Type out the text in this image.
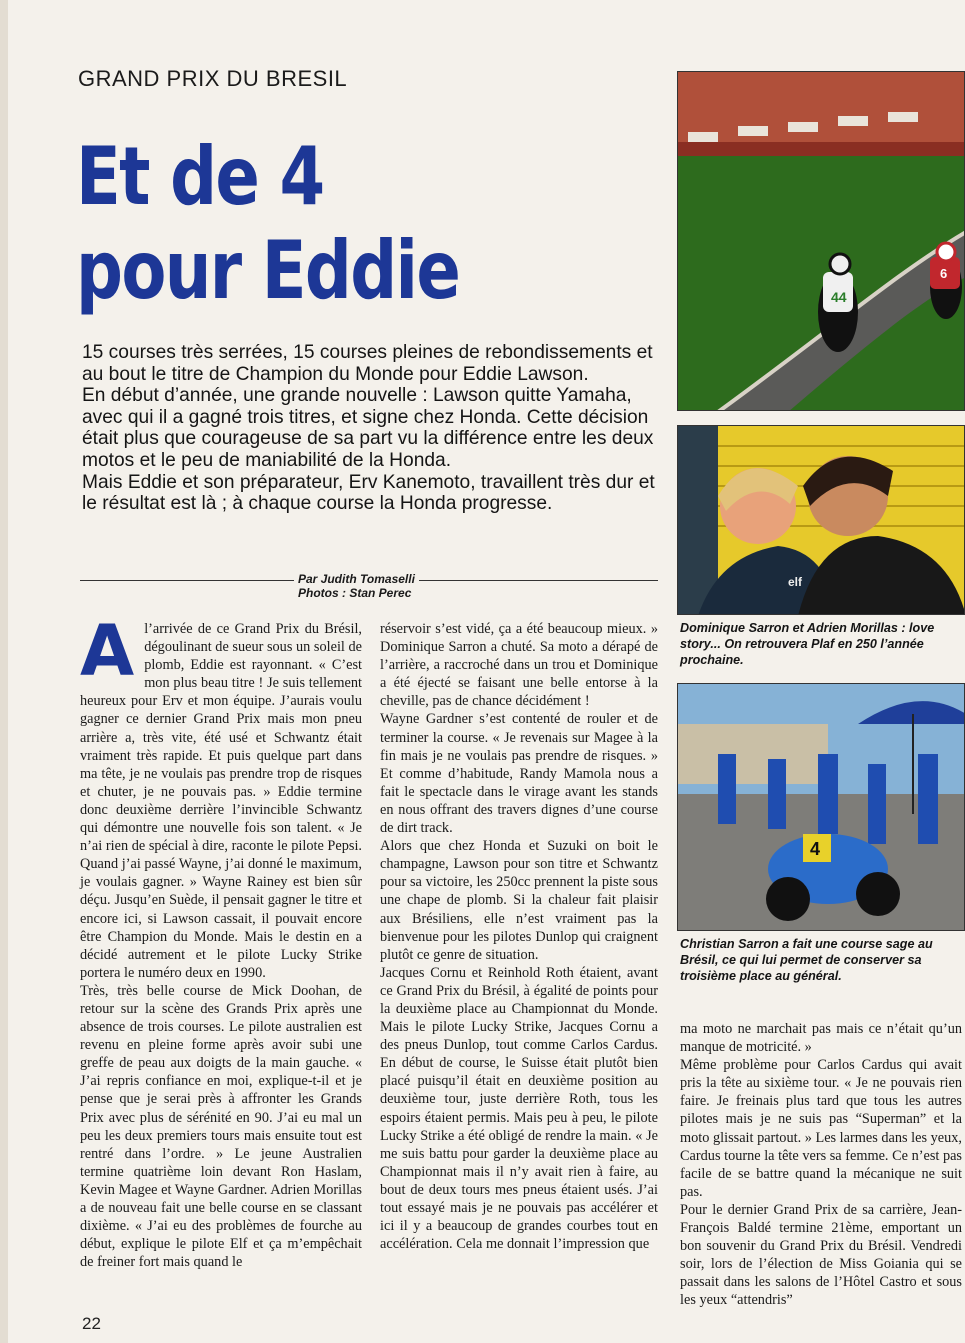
GRAND PRIX DU BRESIL
Et de 4
pour Eddie

15 courses très serrées, 15 courses pleines de rebondissements et au bout le titre de Champion du Monde pour Eddie Lawson.

En début d’année, une grande nouvelle : Lawson quitte Yamaha, avec qui il a gagné trois titres, et signe chez Honda. Cette décision était plus que courageuse de sa part vu la différence entre les deux motos et le peu de maniabilité de la Honda.

Mais Eddie et son préparateur, Erv Kanemoto, travaillent très dur et le résultat est là ; à chaque course la Honda progresse.

Par Judith Tomaselli
Photos : Stan Perec

Al’arrivée de ce Grand Prix du Brésil, dégoulinant de sueur sous un soleil de plomb, Eddie est rayonnant. « C’est mon plus beau titre ! Je suis tellement heureux pour Erv et mon équipe. J’aurais voulu gagner ce dernier Grand Prix mais mon pneu arrière a, très vite, été usé et Schwantz était vraiment très rapide. Et puis quelque part dans ma tête, je ne voulais pas prendre trop de risques et chuter, je ne pouvais pas. » Eddie termine donc deuxième derrière l’invincible Schwantz qui démontre une nouvelle fois son talent. « Je n’ai rien de spécial à dire, raconte le pilote Pepsi. Quand j’ai passé Wayne, j’ai donné le maximum, je voulais gagner. » Wayne Rainey est bien sûr déçu. Jusqu’en Suède, il pensait gagner le titre et encore ici, si Lawson cassait, il pouvait encore être Champion du Monde. Mais le destin en a décidé autrement et le pilote Lucky Strike portera le numéro deux en 1990.

Très, très belle course de Mick Doohan, de retour sur la scène des Grands Prix après une absence de trois courses. Le pilote australien est revenu en pleine forme après avoir subi une greffe de peau aux doigts de la main gauche. « J’ai repris confiance en moi, explique-t-il et je pense que je serai près à affronter les Grands Prix avec plus de sérénité en 90. J’ai eu mal un peu les deux premiers tours mais ensuite tout est rentré dans l’ordre. » Le jeune Australien termine quatrième loin devant Ron Haslam, Kevin Magee et Wayne Gardner. Adrien Morillas a de nouveau fait une belle course en se classant dixième. « J’ai eu des problèmes de fourche au début, explique le pilote Elf et ça m’empêchait de freiner fort mais quand le

réservoir s’est vidé, ça a été beaucoup mieux. » Dominique Sarron a chuté. Sa moto a dérapé de l’arrière, a raccroché dans un trou et Dominique a été éjecté se faisant une belle entorse à la cheville, pas de chance décidément !

Wayne Gardner s’est contenté de rouler et de terminer la course. « Je revenais sur Magee à la fin mais je ne voulais pas prendre de risques. » Et comme d’habitude, Randy Mamola nous a fait le spectacle dans le virage avant les stands en nous offrant des travers dignes d’une course de dirt track.

Alors que chez Honda et Suzuki on boit le champagne, Lawson pour son titre et Schwantz pour sa victoire, les 250cc prennent la piste sous une chape de plomb. Si la chaleur fait plaisir aux Brésiliens, elle n’est vraiment pas la bienvenue pour les pilotes Dunlop qui craignent plutôt ce genre de situation.

Jacques Cornu et Reinhold Roth étaient, avant ce Grand Prix du Brésil, à égalité de points pour la deuxième place au Championnat du Monde. Mais le pilote Lucky Strike, Jacques Cornu a des pneus Dunlop, tout comme Carlos Cardus. En début de course, le Suisse était plutôt bien placé puisqu’il était en deuxième position au deuxième tour, juste derrière Roth, tous les espoirs étaient permis. Mais peu à peu, le pilote Lucky Strike a été obligé de rendre la main. « Je me suis battu pour garder la deuxième place au Championnat mais il n’y avait rien à faire, au bout de deux tours mes pneus étaient usés. J’ai tout essayé mais je ne pouvais pas accélérer et ici il y a beaucoup de grandes courbes tout en accélération. Cela me donnait l’impression que

44
6
elf
Dominique Sarron et Adrien Morillas : love story... On retrouvera Plaf en 250 l’année prochaine.
4
Christian Sarron a fait une course sage au Brésil, ce qui lui permet de conserver sa troisième place au général.

ma moto ne marchait pas mais ce n’était qu’un manque de motricité. »

Même problème pour Carlos Cardus qui avait pris la tête au sixième tour. « Je ne pouvais rien faire. Je freinais plus tard que tous les autres pilotes mais je ne suis pas “Superman” et la moto glissait partout. » Les larmes dans les yeux, Cardus tourne la tête vers sa femme. Ce n’est pas facile de se battre quand la mécanique ne suit pas.

Pour le dernier Grand Prix de sa carrière, Jean-François Baldé termine 21ème, emportant un bon souvenir du Grand Prix du Brésil. Vendredi soir, lors de l’élection de Miss Goiania qui se passait dans les salons de l’Hôtel Castro et sous les yeux “attendris”

22
